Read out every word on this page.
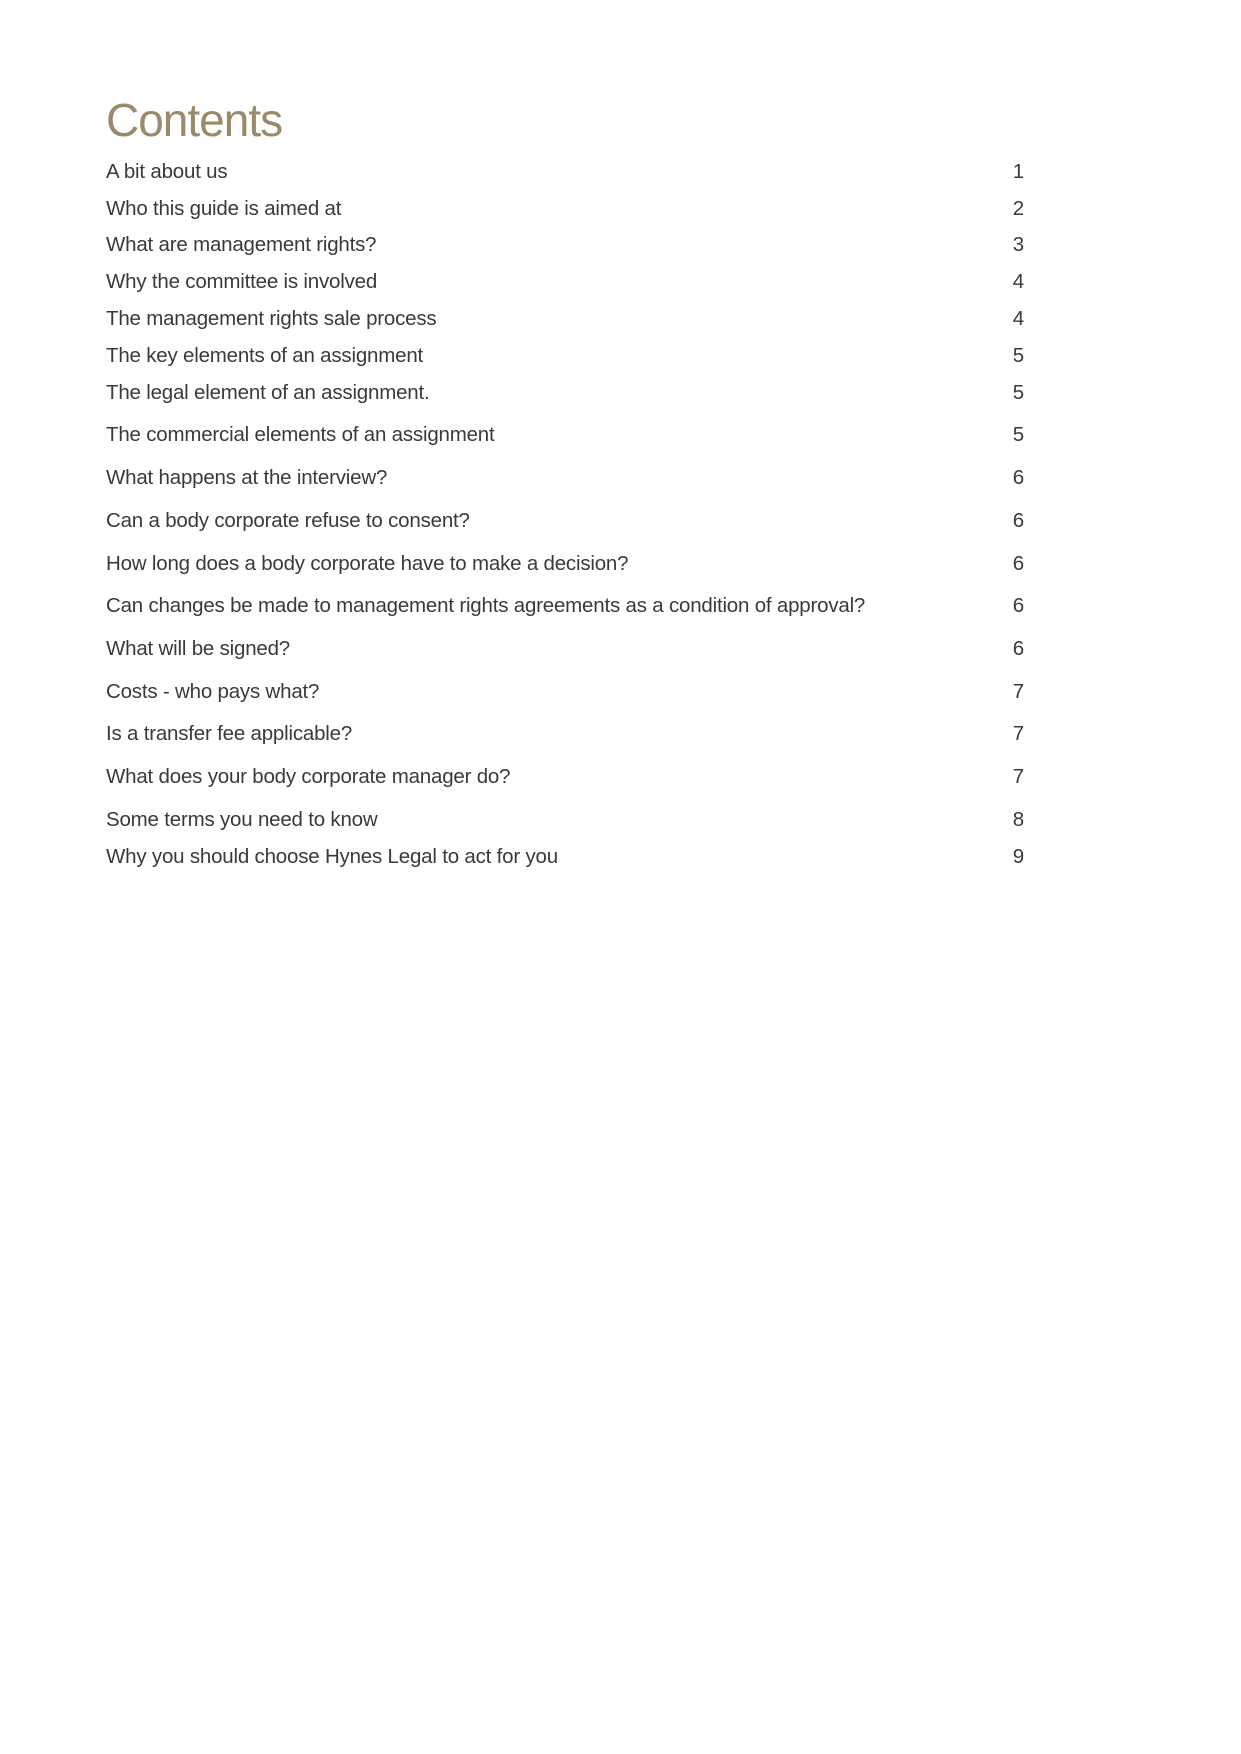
Contents
A bit about us	1
Who this guide is aimed at	2
What are management rights?	3
Why the committee is involved	4
The management rights sale process	4
The key elements of an assignment	5
The legal element of an assignment.	5
The commercial elements of an assignment	5
What happens at the interview?	6
Can a body corporate refuse to consent?	6
How long does a body corporate have to make a decision?	6
Can changes be made to management rights agreements as a condition of approval?	6
What will be signed?	6
Costs - who pays what?	7
Is a transfer fee applicable?	7
What does your body corporate manager do?	7
Some terms you need to know	8
Why you should choose Hynes Legal to act for you	9
